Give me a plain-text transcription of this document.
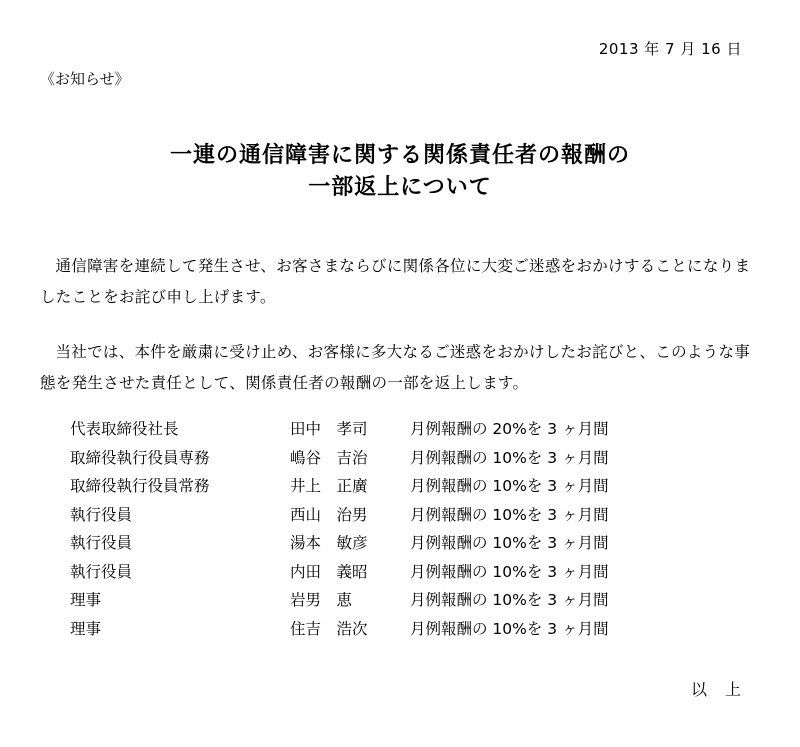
2013 年 7 月 16 日
《お知らせ》
一連の通信障害に関する関係責任者の報酬の
一部返上について
通信障害を連続して発生させ、お客さまならびに関係各位に大変ご迷惑をおかけすることになりましたことをお詫び申し上げます。
当社では、本件を厳粛に受け止め、お客様に多大なるご迷惑をおかけしたお詫びと、このような事態を発生させた責任として、関係責任者の報酬の一部を返上します。
代表取締役社長	田中　孝司	月例報酬の 20%を 3 ヶ月間
取締役執行役員専務	嶋谷　吉治	月例報酬の 10%を 3 ヶ月間
取締役執行役員常務	井上　正廣	月例報酬の 10%を 3 ヶ月間
執行役員	西山　治男	月例報酬の 10%を 3 ヶ月間
執行役員	湯本　敏彦	月例報酬の 10%を 3 ヶ月間
執行役員	内田　義昭	月例報酬の 10%を 3 ヶ月間
理事	岩男　恵	月例報酬の 10%を 3 ヶ月間
理事	住吉　浩次	月例報酬の 10%を 3 ヶ月間
以　上
